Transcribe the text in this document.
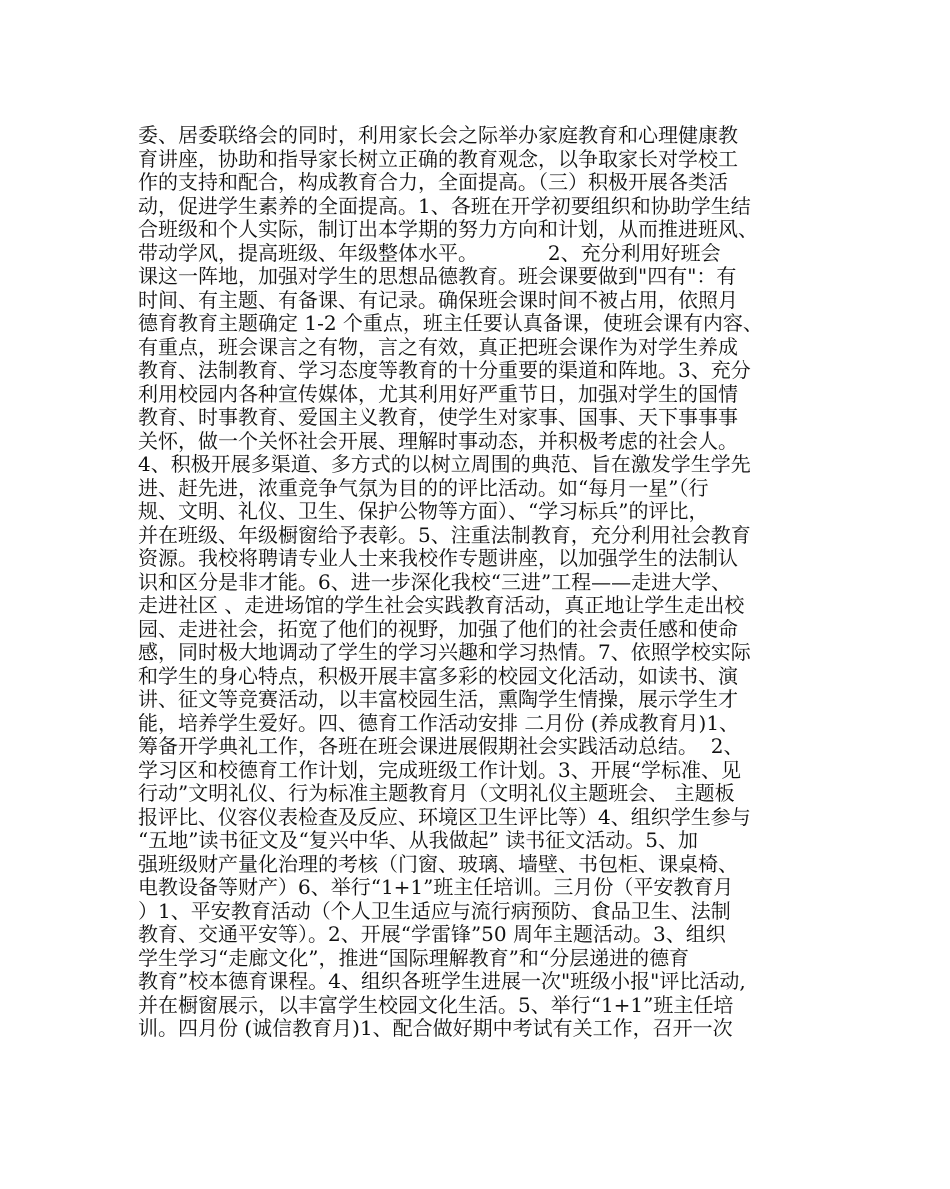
委、居委联络会的同时，利用家长会之际举办家庭教育和心理健康教
育讲座，协助和指导家长树立正确的教育观念，以争取家长对学校工
作的支持和配合，构成教育合力，全面提高。（三）积极开展各类活
动，促进学生素养的全面提高。1、各班在开学初要组织和协助学生结
合班级和个人实际，制订出本学期的努力方向和计划，从而推进班风、
带动学风，提高班级、年级整体水平。           2、充分利用好班会
课这一阵地，加强对学生的思想品德教育。班会课要做到"四有"：有
时间、有主题、有备课、有记录。确保班会课时间不被占用，依照月
德育教育主题确定 1-2 个重点，班主任要认真备课，使班会课有内容、
有重点，班会课言之有物，言之有效，真正把班会课作为对学生养成
教育、法制教育、学习态度等教育的十分重要的渠道和阵地。3、充分
利用校园内各种宣传媒体，尤其利用好严重节日，加强对学生的国情
教育、时事教育、爱国主义教育，使学生对家事、国事、天下事事事
关怀，做一个关怀社会开展、理解时事动态，并积极考虑的社会人。
4、积极开展多渠道、多方式的以树立周围的典范、旨在激发学生学先
进、赶先进，浓重竞争气氛为目的的评比活动。如“每月一星”（行
规、文明、礼仪、卫生、保护公物等方面）、“学习标兵”的评比，
并在班级、年级橱窗给予表彰。5、注重法制教育，充分利用社会教育
资源。我校将聘请专业人士来我校作专题讲座，以加强学生的法制认
识和区分是非才能。6、进一步深化我校“三进”工程——走进大学、
走进社区 、走进场馆的学生社会实践教育活动，真正地让学生走出校
园、走进社会，拓宽了他们的视野，加强了他们的社会责任感和使命
感，同时极大地调动了学生的学习兴趣和学习热情。7、依照学校实际
和学生的身心特点，积极开展丰富多彩的校园文化活动，如读书、演
讲、征文等竞赛活动，以丰富校园生活，熏陶学生情操，展示学生才
能，培养学生爱好。四、德育工作活动安排 二月份 (养成教育月)1、
筹备开学典礼工作，各班在班会课进展假期社会实践活动总结。  2、
学习区和校德育工作计划，完成班级工作计划。3、开展“学标准、见
行动”文明礼仪、行为标准主题教育月（文明礼仪主题班会、 主题板
报评比、仪容仪表检查及反应、环境区卫生评比等）4、组织学生参与
“五地”读书征文及“复兴中华、从我做起” 读书征文活动。5、加
强班级财产量化治理的考核（门窗、玻璃、墙壁、书包柜、课桌椅、
电教设备等财产）6、举行“1+1”班主任培训。三月份（平安教育月
）1、平安教育活动（个人卫生适应与流行病预防、食品卫生、法制
教育、交通平安等）。2、开展“学雷锋”50 周年主题活动。3、组织
学生学习“走廊文化”，推进“国际理解教育”和“分层递进的德育
教育”校本德育课程。4、组织各班学生进展一次"班级小报"评比活动,
并在橱窗展示，以丰富学生校园文化生活。5、举行“1+1”班主任培
训。四月份 (诚信教育月)1、配合做好期中考试有关工作，召开一次
